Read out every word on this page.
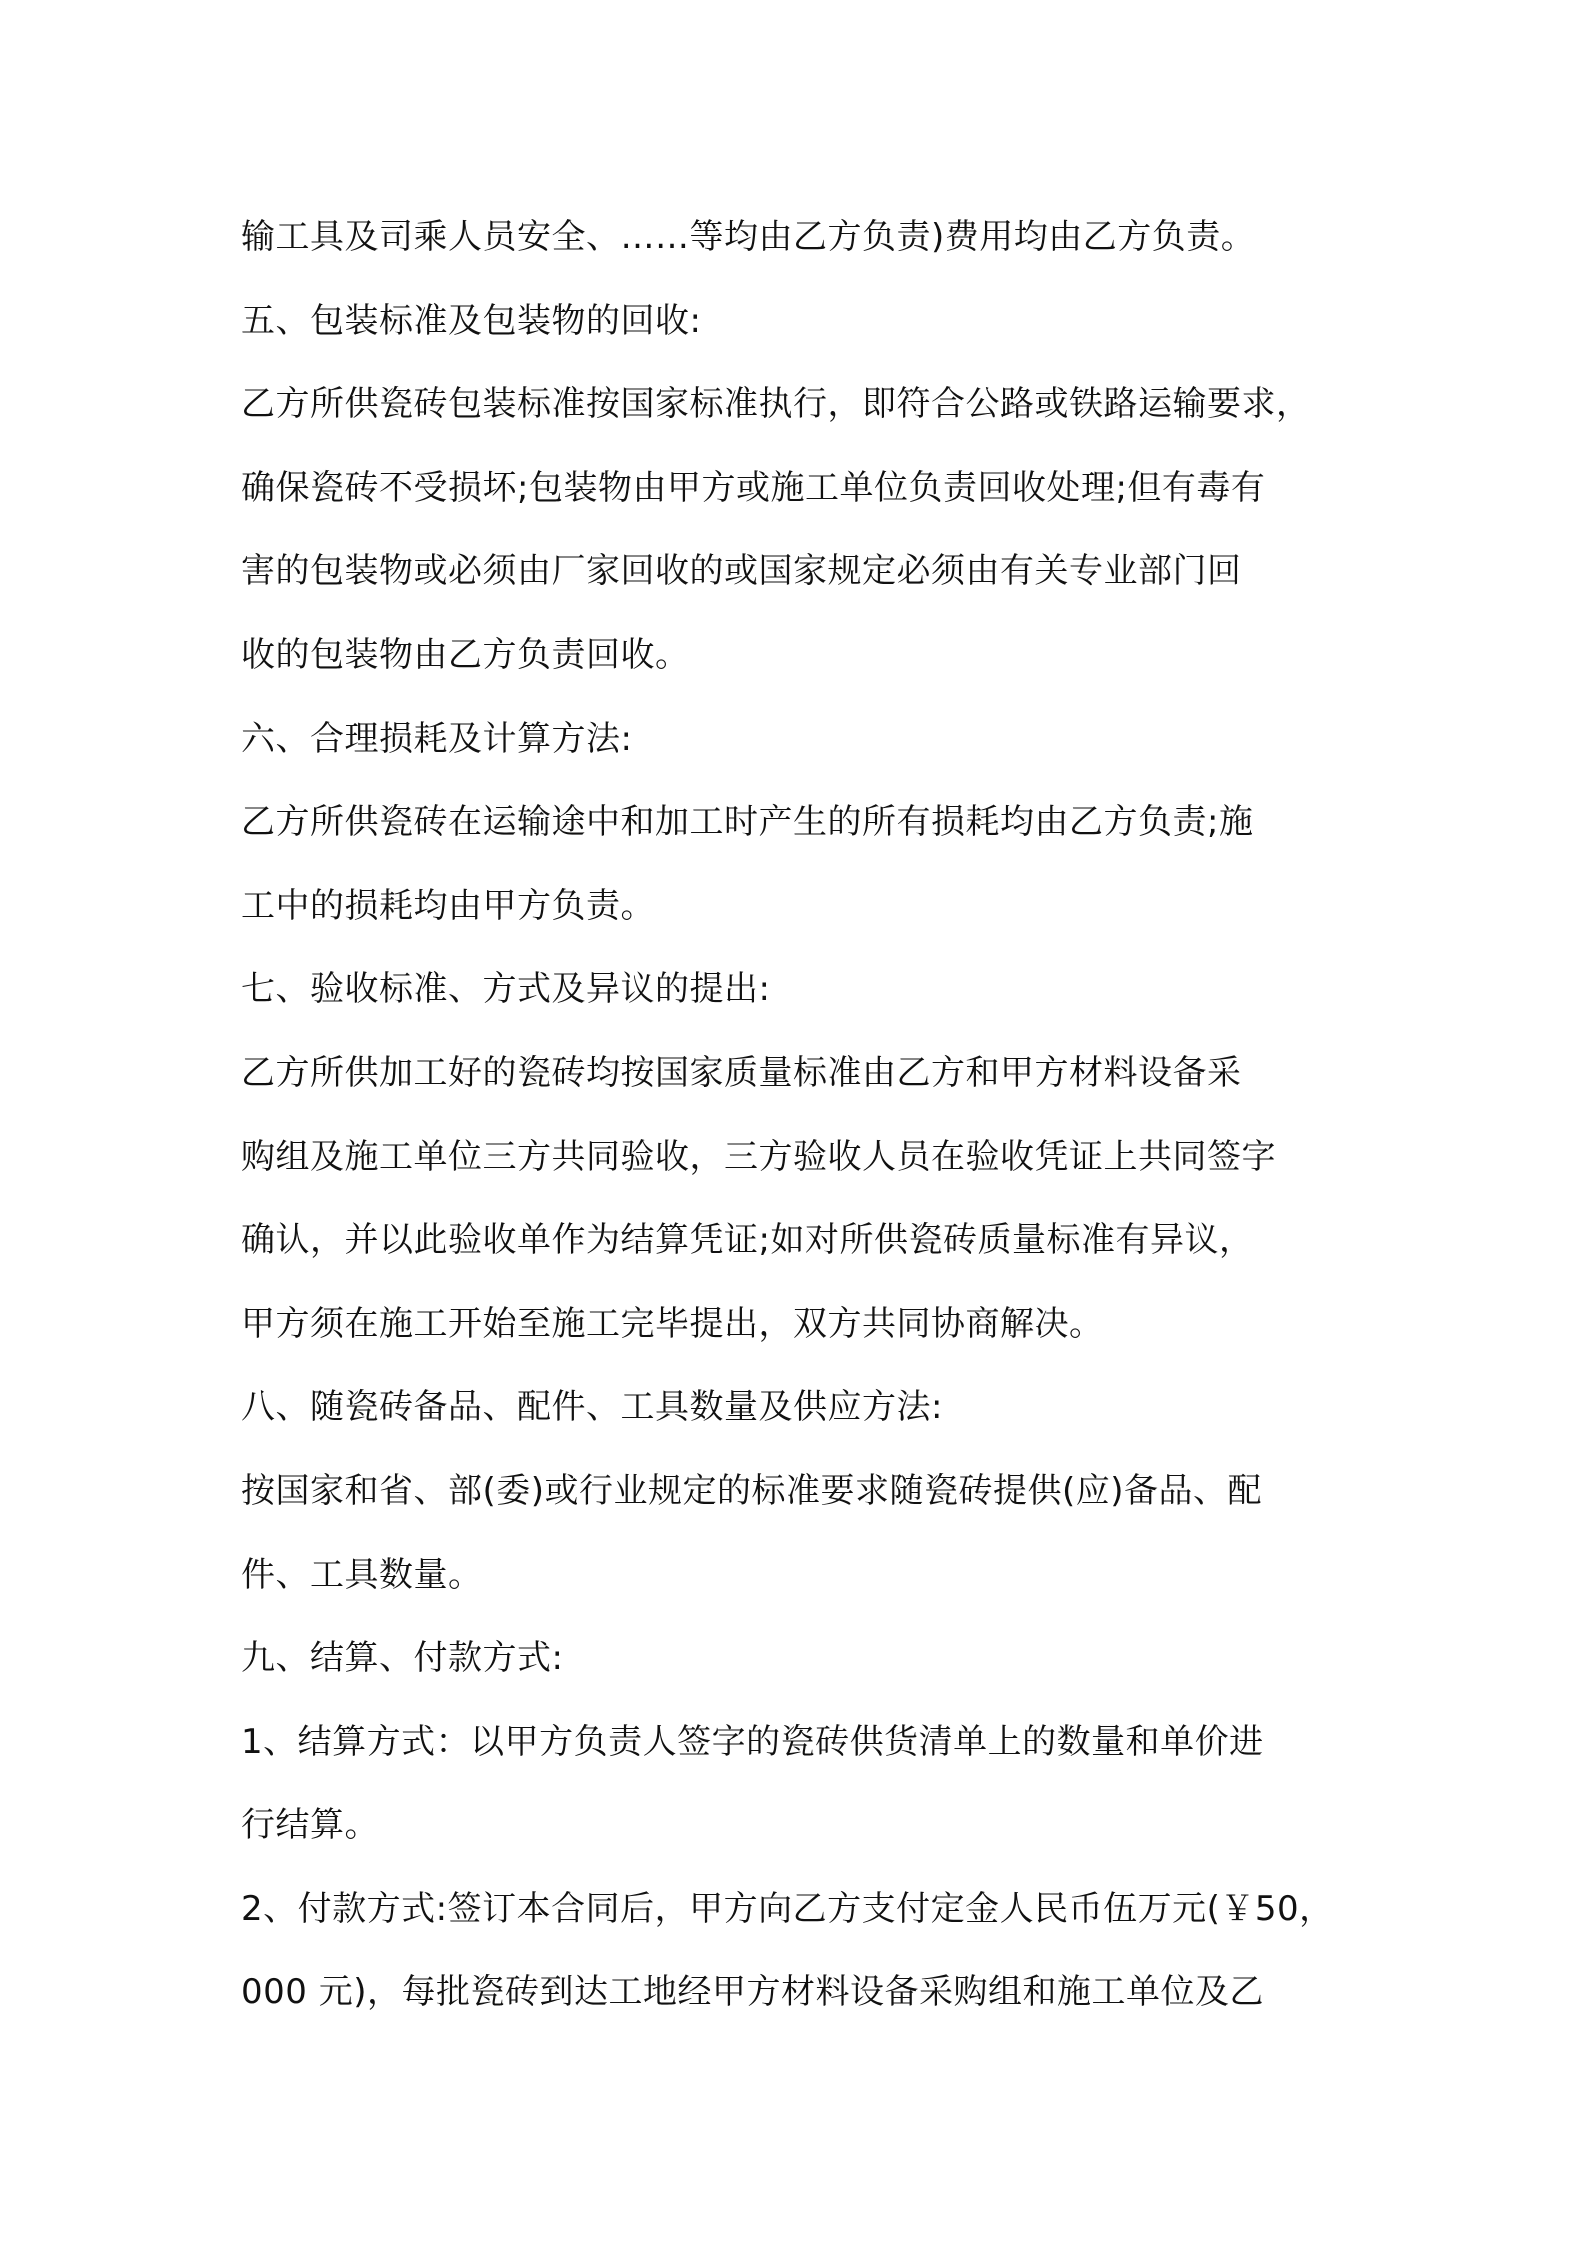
输工具及司乘人员安全、……等均由乙方负责)费用均由乙方负责。
五、包装标准及包装物的回收:
乙方所供瓷砖包装标准按国家标准执行，即符合公路或铁路运输要求，
确保瓷砖不受损坏;包装物由甲方或施工单位负责回收处理;但有毒有
害的包装物或必须由厂家回收的或国家规定必须由有关专业部门回
收的包装物由乙方负责回收。
六、合理损耗及计算方法:
乙方所供瓷砖在运输途中和加工时产生的所有损耗均由乙方负责;施
工中的损耗均由甲方负责。
七、验收标准、方式及异议的提出:
乙方所供加工好的瓷砖均按国家质量标准由乙方和甲方材料设备采
购组及施工单位三方共同验收，三方验收人员在验收凭证上共同签字
确认，并以此验收单作为结算凭证;如对所供瓷砖质量标准有异议，
甲方须在施工开始至施工完毕提出，双方共同协商解决。
八、随瓷砖备品、配件、工具数量及供应方法:
按国家和省、部(委)或行业规定的标准要求随瓷砖提供(应)备品、配
件、工具数量。
九、结算、付款方式:
1、结算方式：以甲方负责人签字的瓷砖供货清单上的数量和单价进
行结算。
2、付款方式:签订本合同后，甲方向乙方支付定金人民币伍万元(￥50，
000 元)，每批瓷砖到达工地经甲方材料设备采购组和施工单位及乙
